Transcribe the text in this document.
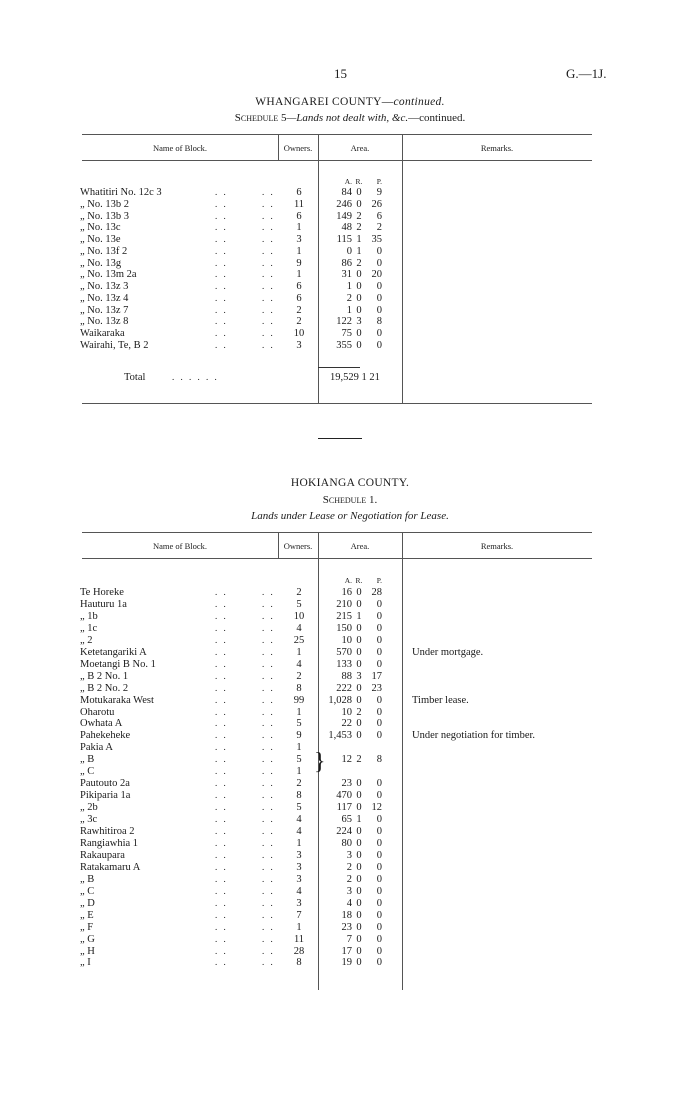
15	G.—1J.
WHANGAREI COUNTY—continued.
Schedule 5—Lands not dealt with, &c.—continued.
Name of Block.	Owners.	Area.	Remarks.
A. R.	P.
Whatitiri No. 12c 3	6	84 0	9
. .	. .
„ No. 13b 2	11	246 0 26
. .	. .
„ No. 13b 3	6	149 2	6
. .	. .
„ No. 13c	1	48 2	2
. .	. .
„ No. 13e	3	115 1 35
. .	. .
„ No. 13f 2	1	0 1	0
. .	. .
„ No. 13g	9	86 2	0
. .	. .
„ No. 13m 2a	1	31 0 20
. .	. .
„ No. 13z 3	6	1 0	0
. .	. .
„ No. 13z 4	6	2 0	0
. .	. .
„ No. 13z 7	2	1 0	0
. .	. .
„ No. 13z 8	2	122 3	8
. .	. .
Waikaraka	10	75 0	0
. .	. .
Wairahi, Te, B 2	3	355 0	0
. .	. .
Total	. . . . . .	19,529 1 21
HOKIANGA COUNTY.
Schedule 1.
Lands under Lease or Negotiation for Lease.
Name of Block.	Owners.	Area.	Remarks.
A. R.	P.
Te Horeke	2	16 0 28
. .	. .
Hauturu 1a	5	210 0	0
. .	. .
„ 1b	10	215 1	0
. .	. .
„ 1c	4	150 0	0
. .	. .
„ 2	25	10 0	0
. .	. .
Ketetangariki A	1	570 0	0	Under mortgage.
. .	. .
Moetangi B No. 1	4	133 0	0
. .	. .
„ B 2 No. 1	2	88 3 17
. .	. .
„ B 2 No. 2	8	222 0 23
. .	. .
Motukaraka West	99	1,028 0	0	Timber lease.
. .	. .
Oharotu	1	10 2	0
. .	. .
Owhata A	5	22 0	0
. .	. .
Pahekeheke	9	1,453 0	0	Under negotiation for timber.
. .	. .
Pakia A	1
. .	. .
„ B	5	12 2	8
. .	. .
„ C	1
. .	. .
Pautouto 2a	2	23 0	0
. .	. .
Pikiparia 1a	8	470 0	0
. .	. .
„ 2b	5	117 0 12
. .	. .
„ 3c	4	65 1	0
. .	. .
Rawhitiroa 2	4	224 0	0
. .	. .
Rangiawhia 1	1	80 0	0
. .	. .
Rakaupara	3	3 0	0
. .	. .
Ratakamaru A	3	2 0	0
. .	. .
„ B	3	2 0	0
. .	. .
„ C	4	3 0	0
. .	. .
„ D	3	4 0	0
. .	. .
„ E	7	18 0	0
. .	. .
„ F	1	23 0	0
. .	. .
„ G	11	7 0	0
. .	. .
„ H	28	17 0	0
. .	. .
„ I	8	19 0	0
. .	. .
}
